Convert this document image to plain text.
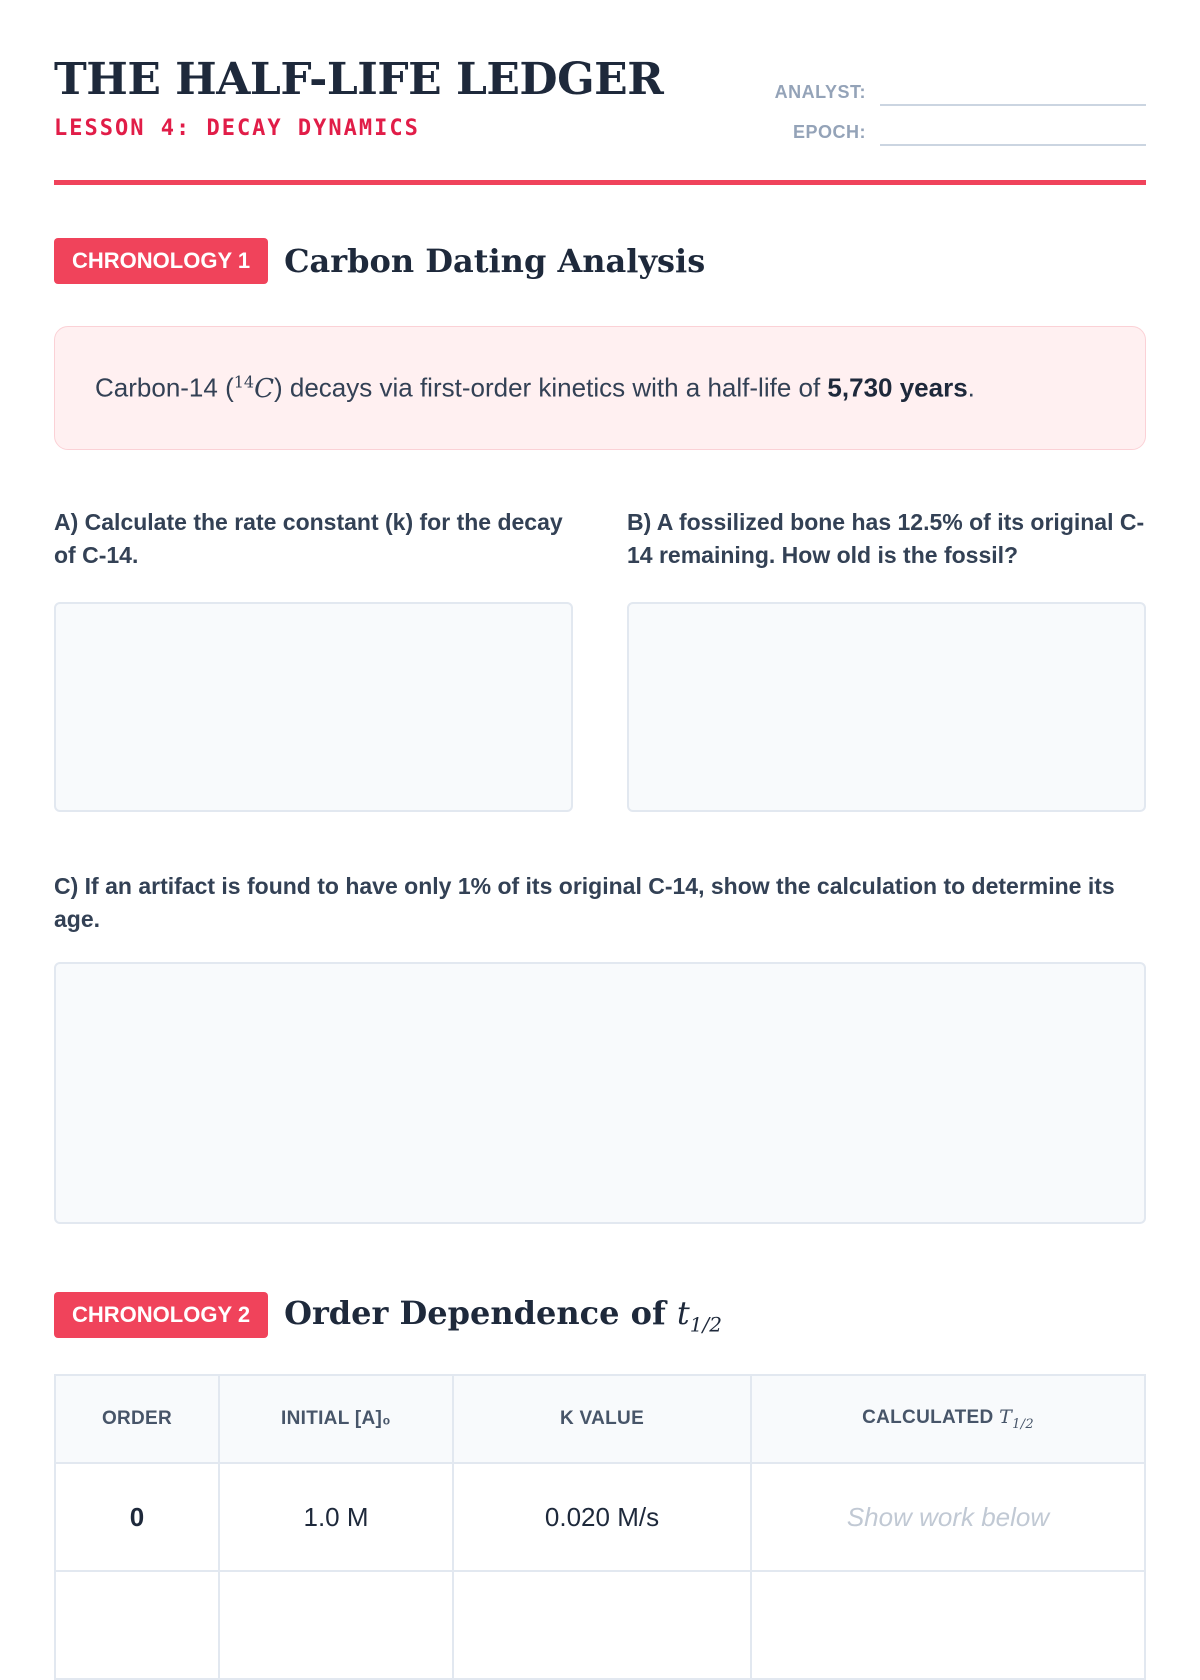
THE HALF-LIFE LEDGER
LESSON 4: DECAY DYNAMICS
ANALYST:
EPOCH:
CHRONOLOGY 1	Carbon Dating Analysis
Carbon-14 ($^{14}$C) decays via first-order kinetics with a half-life of 5,730 years.

A) Calculate the rate constant (k) for the decay of C-14.

B) A fossilized bone has 12.5% of its original C-14 remaining. How old is the fossil?

C) If an artifact is found to have only 1% of its original C-14, show the calculation to determine its age.

CHRONOLOGY 2	Order Dependence of $t_{1/2}$
ORDER	INITIAL [A]₀	K VALUE	CALCULATED $T_{1/2}$
0	1.0 M	0.020 M/s	Show work below
